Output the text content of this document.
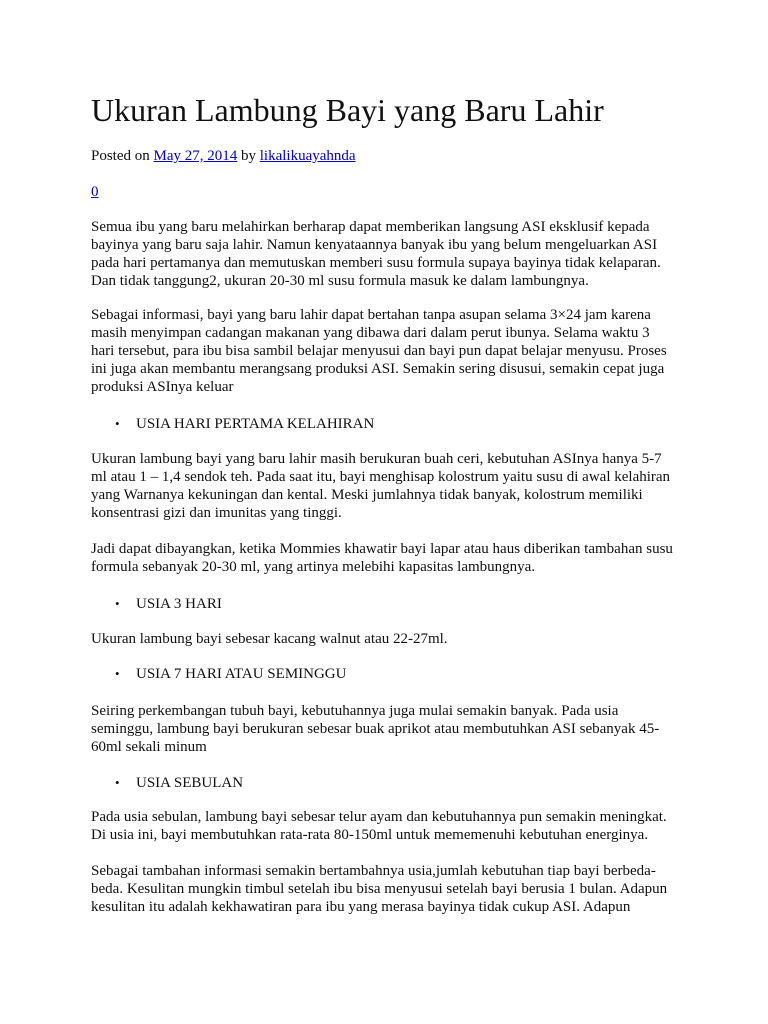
Ukuran Lambung Bayi yang Baru Lahir
Posted on May 27, 2014 by likalikuayahnda
0

Semua ibu yang baru melahirkan berharap dapat memberikan langsung ASI eksklusif kepada
bayinya yang baru saja lahir. Namun kenyataannya banyak ibu yang belum mengeluarkan ASI
pada hari pertamanya dan memutuskan memberi susu formula supaya bayinya tidak kelaparan.
Dan tidak tanggung2, ukuran 20-30 ml susu formula masuk ke dalam lambungnya.

Sebagai informasi, bayi yang baru lahir dapat bertahan tanpa asupan selama 3×24 jam karena
masih menyimpan cadangan makanan yang dibawa dari dalam perut ibunya. Selama waktu 3
hari tersebut, para ibu bisa sambil belajar menyusui dan bayi pun dapat belajar menyusu. Proses
ini juga akan membantu merangsang produksi ASI. Semakin sering disusui, semakin cepat juga
produksi ASInya keluar

• USIA HARI PERTAMA KELAHIRAN

Ukuran lambung bayi yang baru lahir masih berukuran buah ceri, kebutuhan ASInya hanya 5-7
ml atau 1 – 1,4 sendok teh. Pada saat itu, bayi menghisap kolostrum yaitu susu di awal kelahiran
yang Warnanya kekuningan dan kental. Meski jumlahnya tidak banyak, kolostrum memiliki
konsentrasi gizi dan imunitas yang tinggi.

Jadi dapat dibayangkan, ketika Mommies khawatir bayi lapar atau haus diberikan tambahan susu
formula sebanyak 20-30 ml, yang artinya melebihi kapasitas lambungnya.

• USIA 3 HARI

Ukuran lambung bayi sebesar kacang walnut atau 22-27ml.

• USIA 7 HARI ATAU SEMINGGU

Seiring perkembangan tubuh bayi, kebutuhannya juga mulai semakin banyak. Pada usia
seminggu, lambung bayi berukuran sebesar buak aprikot atau membutuhkan ASI sebanyak 45-
60ml sekali minum

• USIA SEBULAN

Pada usia sebulan, lambung bayi sebesar telur ayam dan kebutuhannya pun semakin meningkat.
Di usia ini, bayi membutuhkan rata-rata 80-150ml untuk mememenuhi kebutuhan energinya.

Sebagai tambahan informasi semakin bertambahnya usia,jumlah kebutuhan tiap bayi berbeda-
beda. Kesulitan mungkin timbul setelah ibu bisa menyusui setelah bayi berusia 1 bulan. Adapun
kesulitan itu adalah kekhawatiran para ibu yang merasa bayinya tidak cukup ASI. Adapun
